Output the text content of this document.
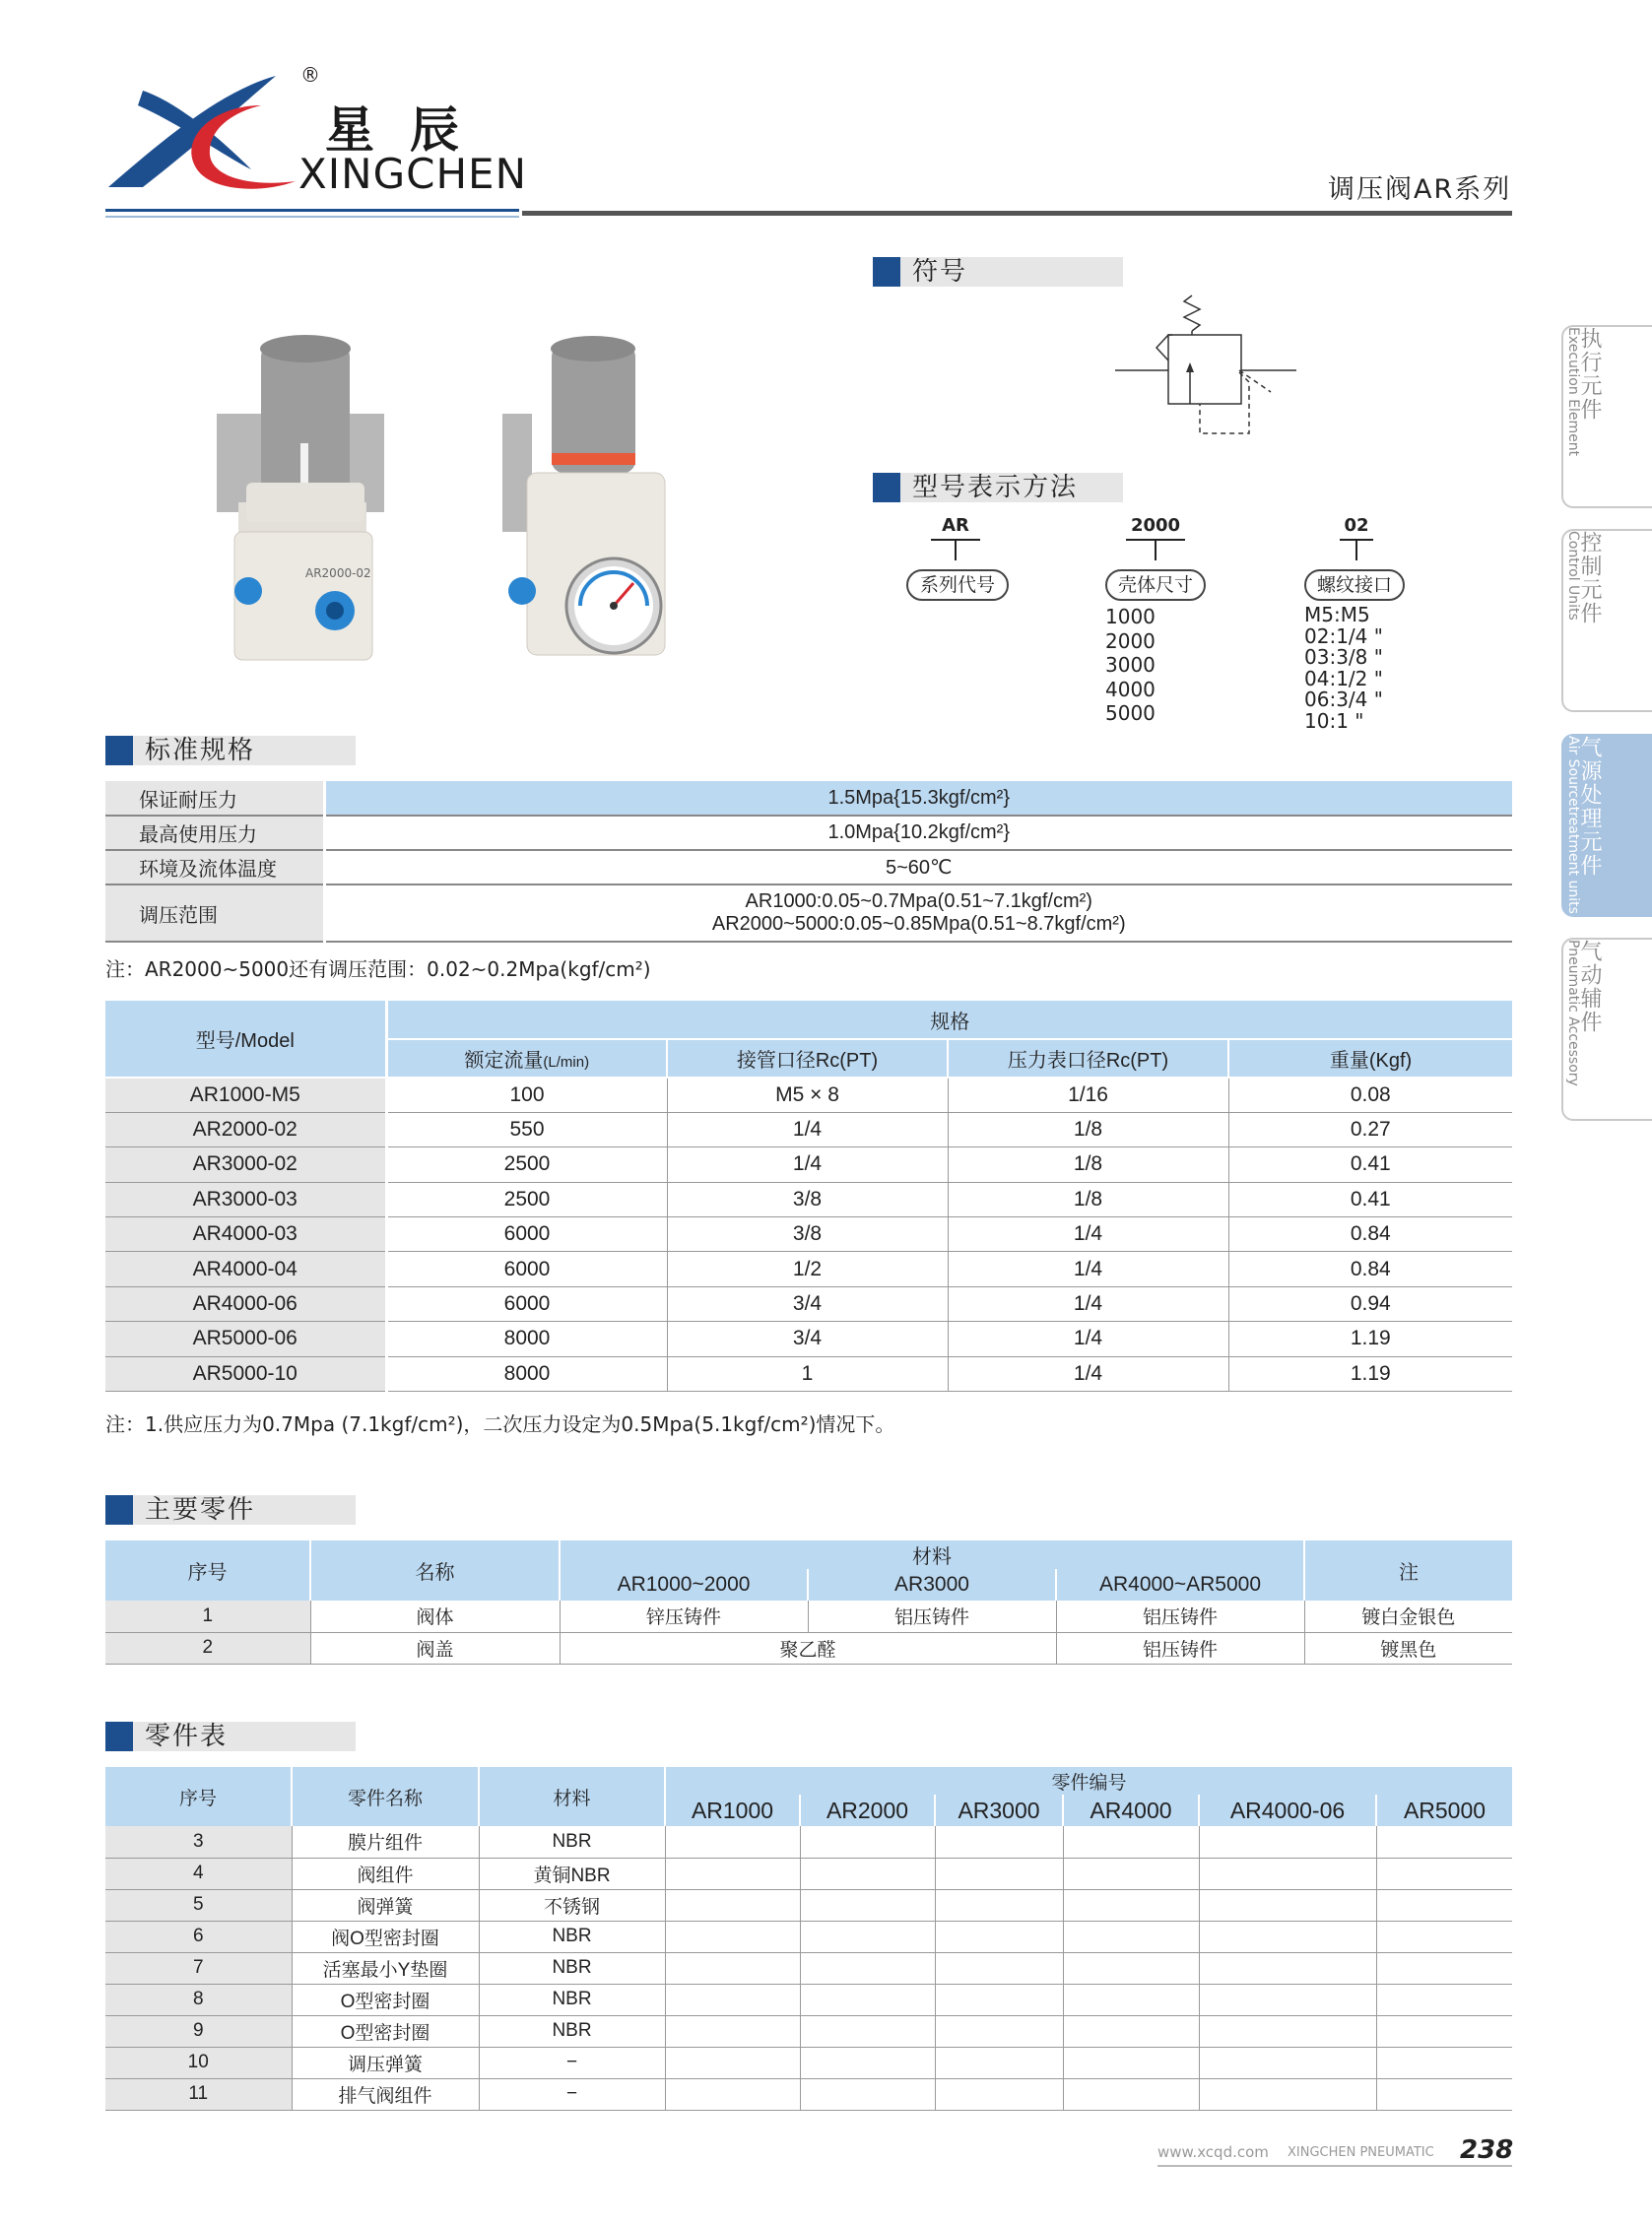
®
星辰
XINGCHEN	调压阀AR系列
执行元件
Execution Element
控制元件
Control Units
气源处理元件
Air Sourcetreatment units
气动辅件
Pneumatic Accessory
AR2000-02
符号
型号表示方法
AR
系列代号
2000
壳体尺寸
1000
2000
3000
4000
5000
02
螺纹接口
M5:M5
02:1/4 "
03:3/8 "
04:1/2 "
06:3/4 "
10:1 "
标准规格
保证耐压力	1.5Mpa{15.3kgf/cm²}
最高使用压力	1.0Mpa{10.2kgf/cm²}
环境及流体温度	5~60℃
调压范围	AR1000:0.05~0.7Mpa(0.51~7.1kgf/cm²)
AR2000~5000:0.05~0.85Mpa(0.51~8.7kgf/cm²)
注：AR2000~5000还有调压范围：0.02~0.2Mpa(kgf/cm²)
型号/Model	规格			
	额定流量(L/min)	接管口径Rc(PT)	压力表口径Rc(PT)	重量(Kgf)
AR1000-M5	100	M5 × 8	1/16	0.08
AR2000-02	550	1/4	1/8	0.27
AR3000-02	2500	1/4	1/8	0.41
AR3000-03	2500	3/8	1/8	0.41
AR4000-03	6000	3/8	1/4	0.84
AR4000-04	6000	1/2	1/4	0.84
AR4000-06	6000	3/4	1/4	0.94
AR5000-06	8000	3/4	1/4	1.19
AR5000-10	8000	1	1/4	1.19
注：1.供应压力为0.7Mpa (7.1kgf/cm²)，二次压力设定为0.5Mpa(5.1kgf/cm²)情况下。
主要零件
序号	名称	材料			注
		AR1000~2000	AR3000	AR4000~AR5000	
1	阀体	锌压铸件	铝压铸件	铝压铸件	镀白金银色
2	阀盖	聚乙醛		铝压铸件	镀黑色
零件表
序号	零件名称	材料	零件编号					
			AR1000	AR2000	AR3000	AR4000	AR4000-06	AR5000
3	膜片组件	NBR						
4	阀组件	黄铜NBR						
5	阀弹簧	不锈钢						
6	阀O型密封圈	NBR						
7	活塞最小Y垫圈	NBR						
8	O型密封圈	NBR						
9	O型密封圈	NBR						
10	调压弹簧	−						
11	排气阀组件	−						
www.xcqd.com XINGCHEN PNEUMATIC 238
